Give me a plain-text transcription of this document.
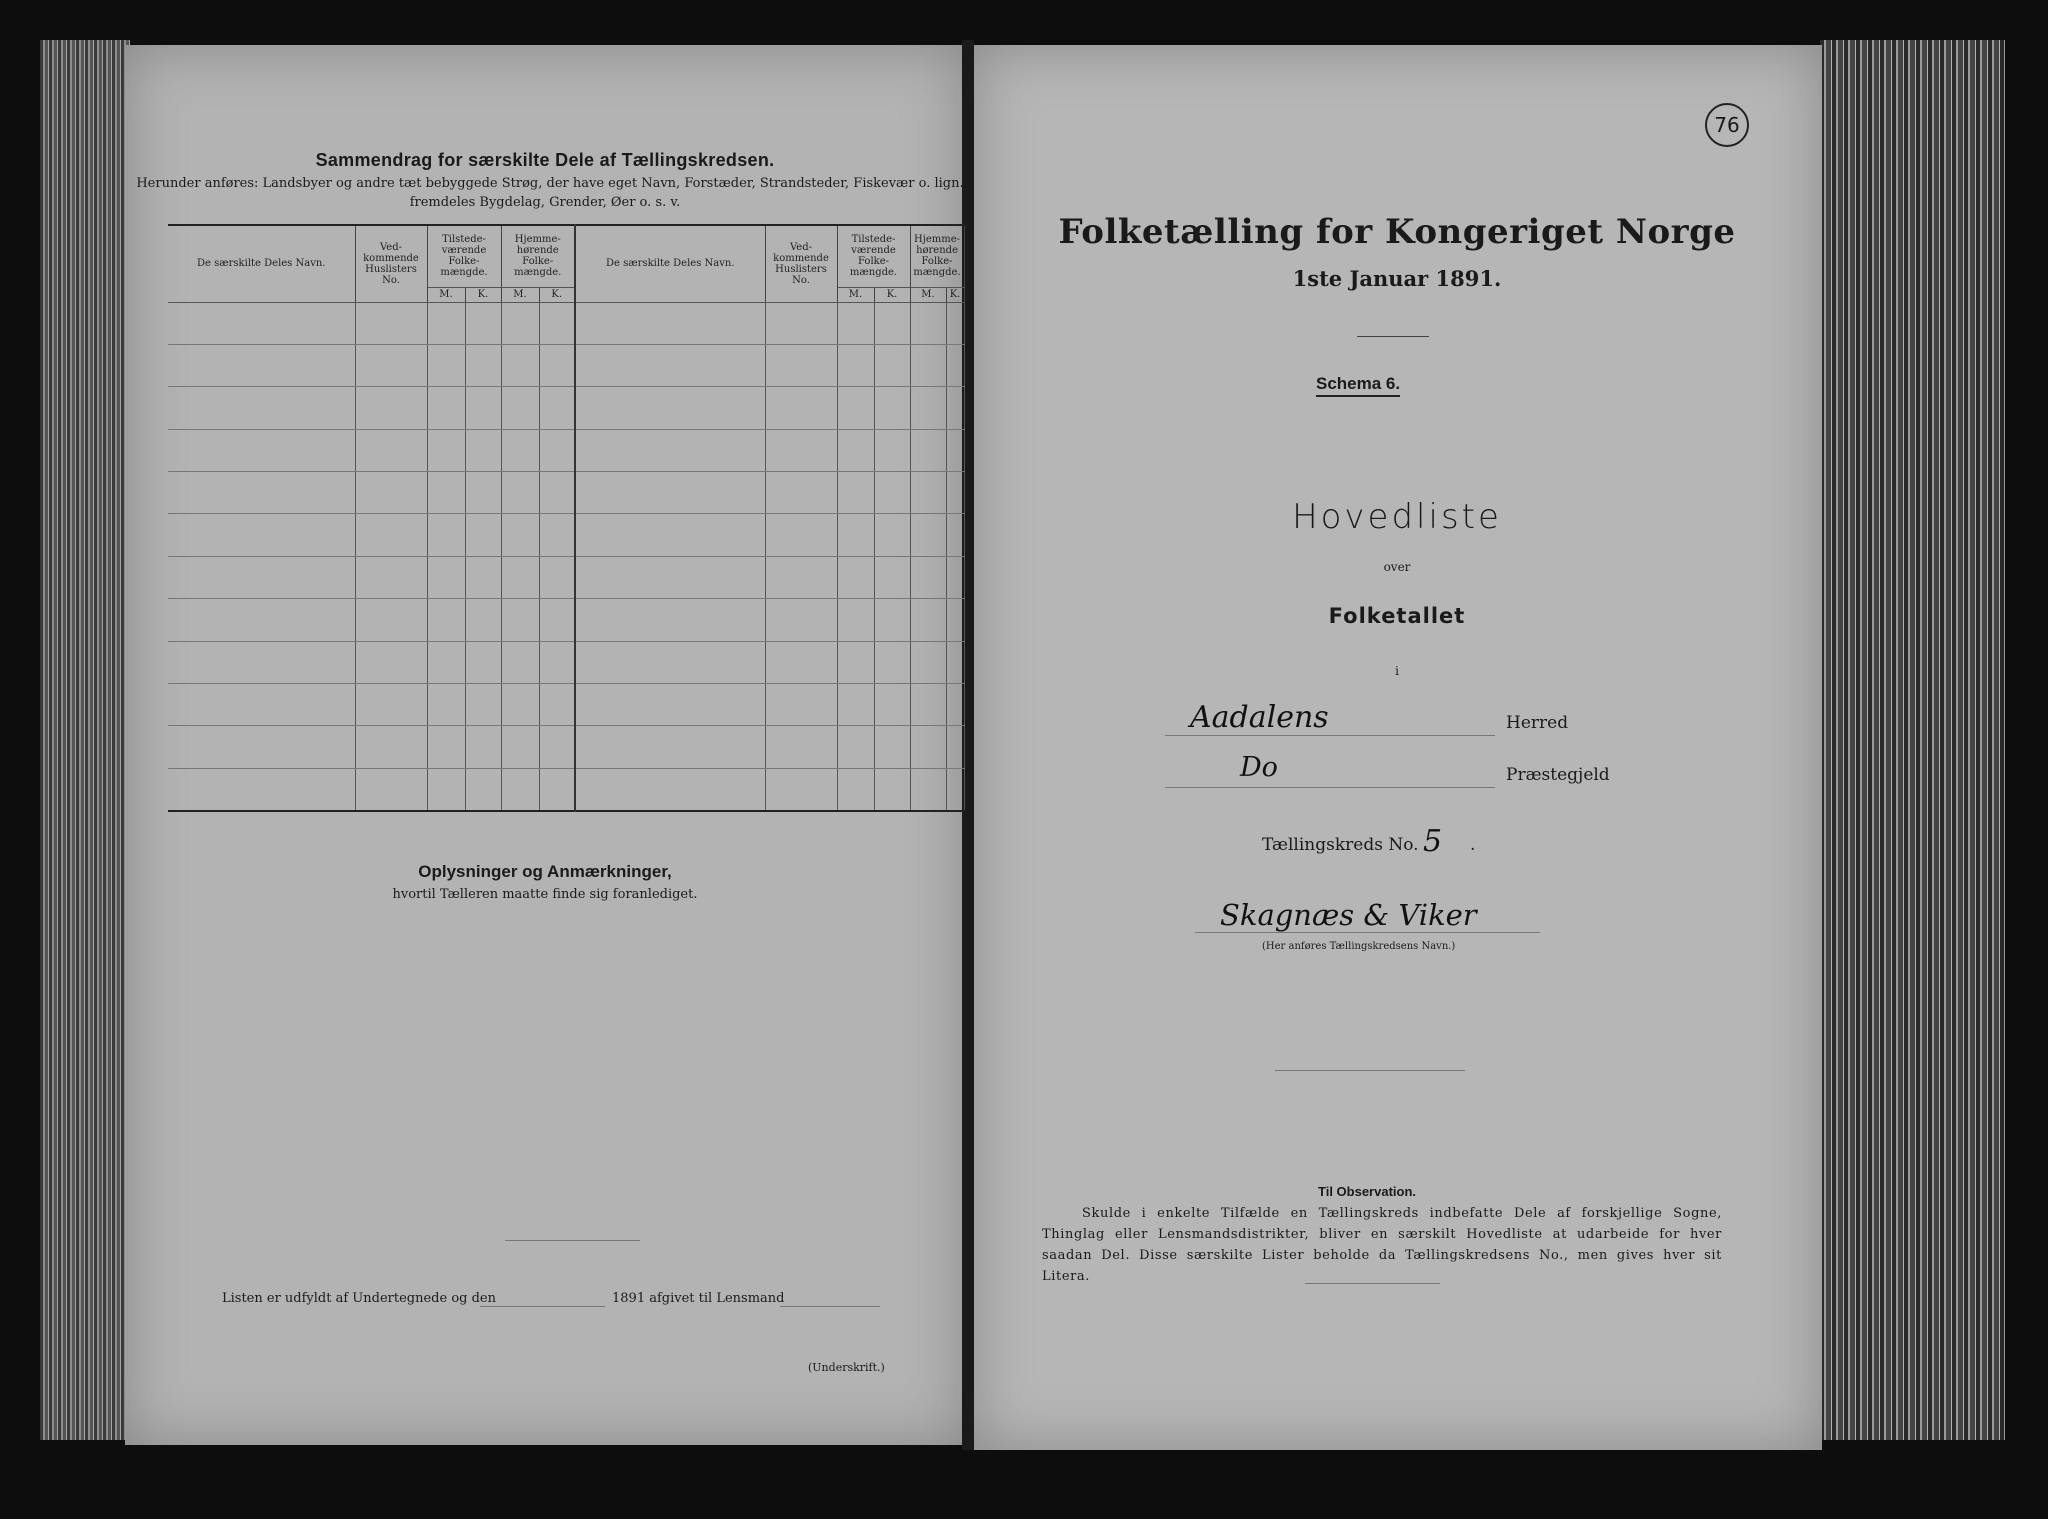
Sammendrag for særskilte Dele af Tællingskredsen.
Herunder anføres: Landsbyer og andre tæt bebyggede Strøg, der have eget Navn, Forstæder, Strandsteder, Fiskevær o. lign.
fremdeles Bygdelag, Grender, Øer o. s. v.
De særskilte Deles Navn.	Ved-kommende Huslisters No.	Tilstede-værende Folke-mængde.		Hjemme-hørende Folke-mængde.		De særskilte Deles Navn.	Ved-kommende Huslisters No.	Tilstede-værende Folke-mængde.		Hjemme-hørende Folke-mængde.	
		M.	K.	M.	K.			M.	K.	M.	K.

Oplysninger og Anmærkninger,
hvortil Tælleren maatte finde sig foranlediget.
Listen er udfyldt af Undertegnede og den	1891 afgivet til Lensmand
(Underskrift.)
76
Folketælling for Kongeriget Norge
1ste Januar 1891.
Schema 6.
Hovedliste
over
Folketallet
i
Aadalens	Herred
Do	Præstegjeld
Tællingskreds No. 5 .
Skagnæs & Viker
(Her anføres Tællingskredsens Navn.)
Til Observation.
Skulde i enkelte Tilfælde en Tællingskreds indbefatte Dele af forskjellige Sogne, Thinglag eller Lensmandsdistrikter, bliver en særskilt Hovedliste at udarbeide for hver saadan Del. Disse særskilte Lister beholde da Tællingskredsens No., men gives hver sit Litera.
